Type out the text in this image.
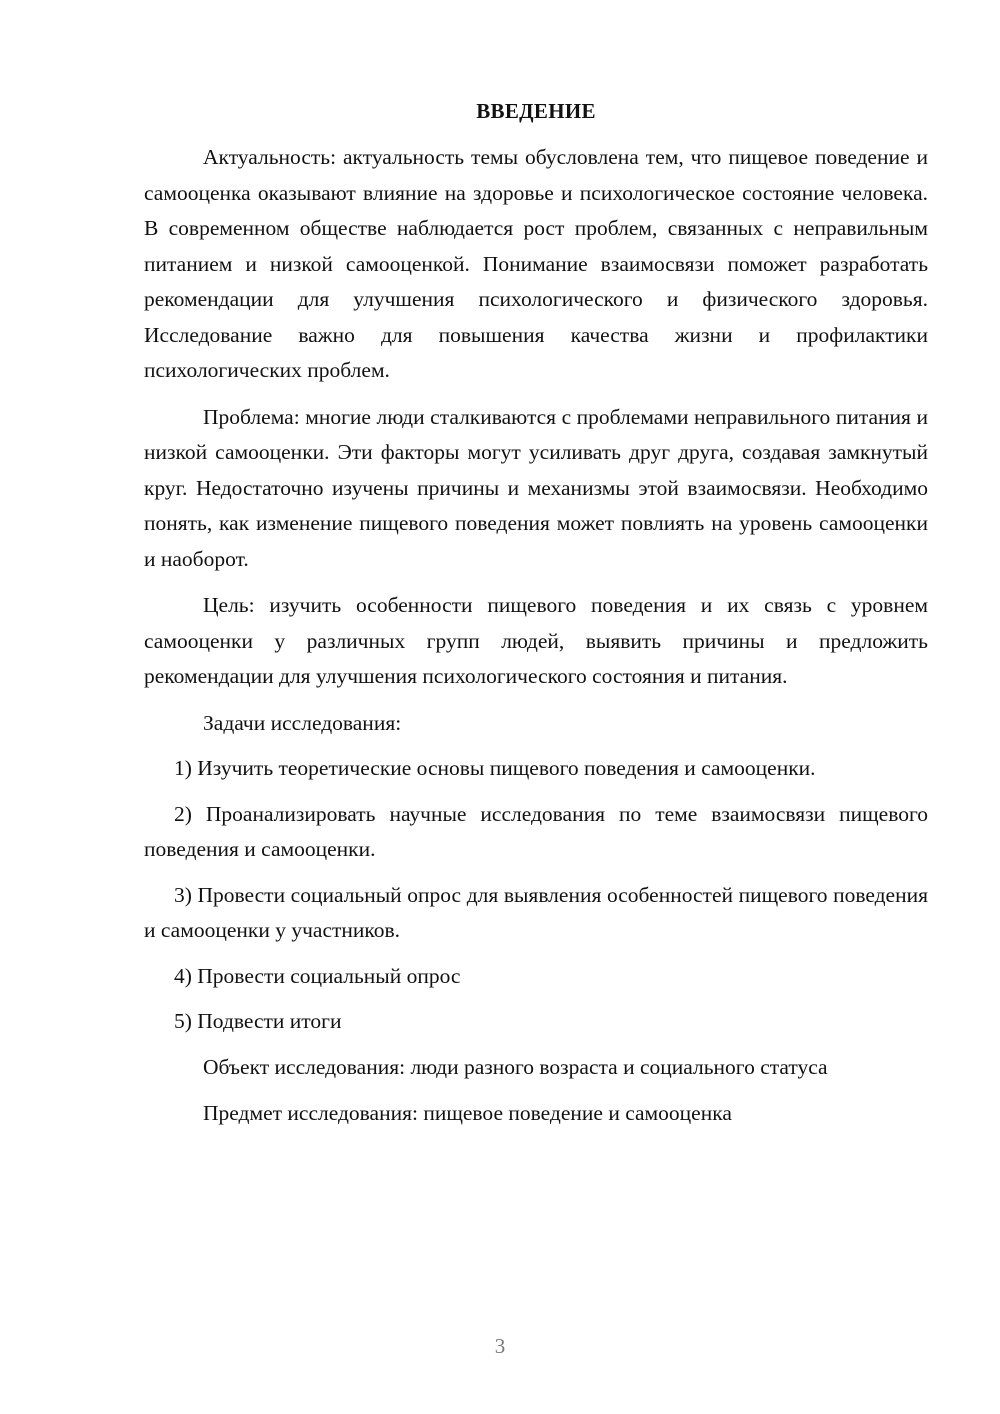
ВВЕДЕНИЕ

Актуальность: актуальность темы обусловлена тем, что пищевое поведение и самооценка оказывают влияние на здоровье и психологическое состояние человека. В современном обществе наблюдается рост проблем, связанных с неправильным питанием и низкой самооценкой. Понимание взаимосвязи поможет разработать рекомендации для улучшения психологического и физического здоровья. Исследование важно для повышения качества жизни и профилактики психологических проблем.

Проблема: многие люди сталкиваются с проблемами неправильного питания и низкой самооценки. Эти факторы могут усиливать друг друга, создавая замкнутый круг. Недостаточно изучены причины и механизмы этой взаимосвязи. Необходимо понять, как изменение пищевого поведения может повлиять на уровень самооценки и наоборот.

Цель: изучить особенности пищевого поведения и их связь с уровнем самооценки у различных групп людей, выявить причины и предложить рекомендации для улучшения психологического состояния и питания.

Задачи исследования:

1) Изучить теоретические основы пищевого поведения и самооценки.

2) Проанализировать научные исследования по теме взаимосвязи пищевого поведения и самооценки.

3) Провести социальный опрос для выявления особенностей пищевого поведения и самооценки у участников.

4) Провести социальный опрос

5) Подвести итоги

Объект исследования: люди разного возраста и социального статуса

Предмет исследования: пищевое поведение и самооценка

3
